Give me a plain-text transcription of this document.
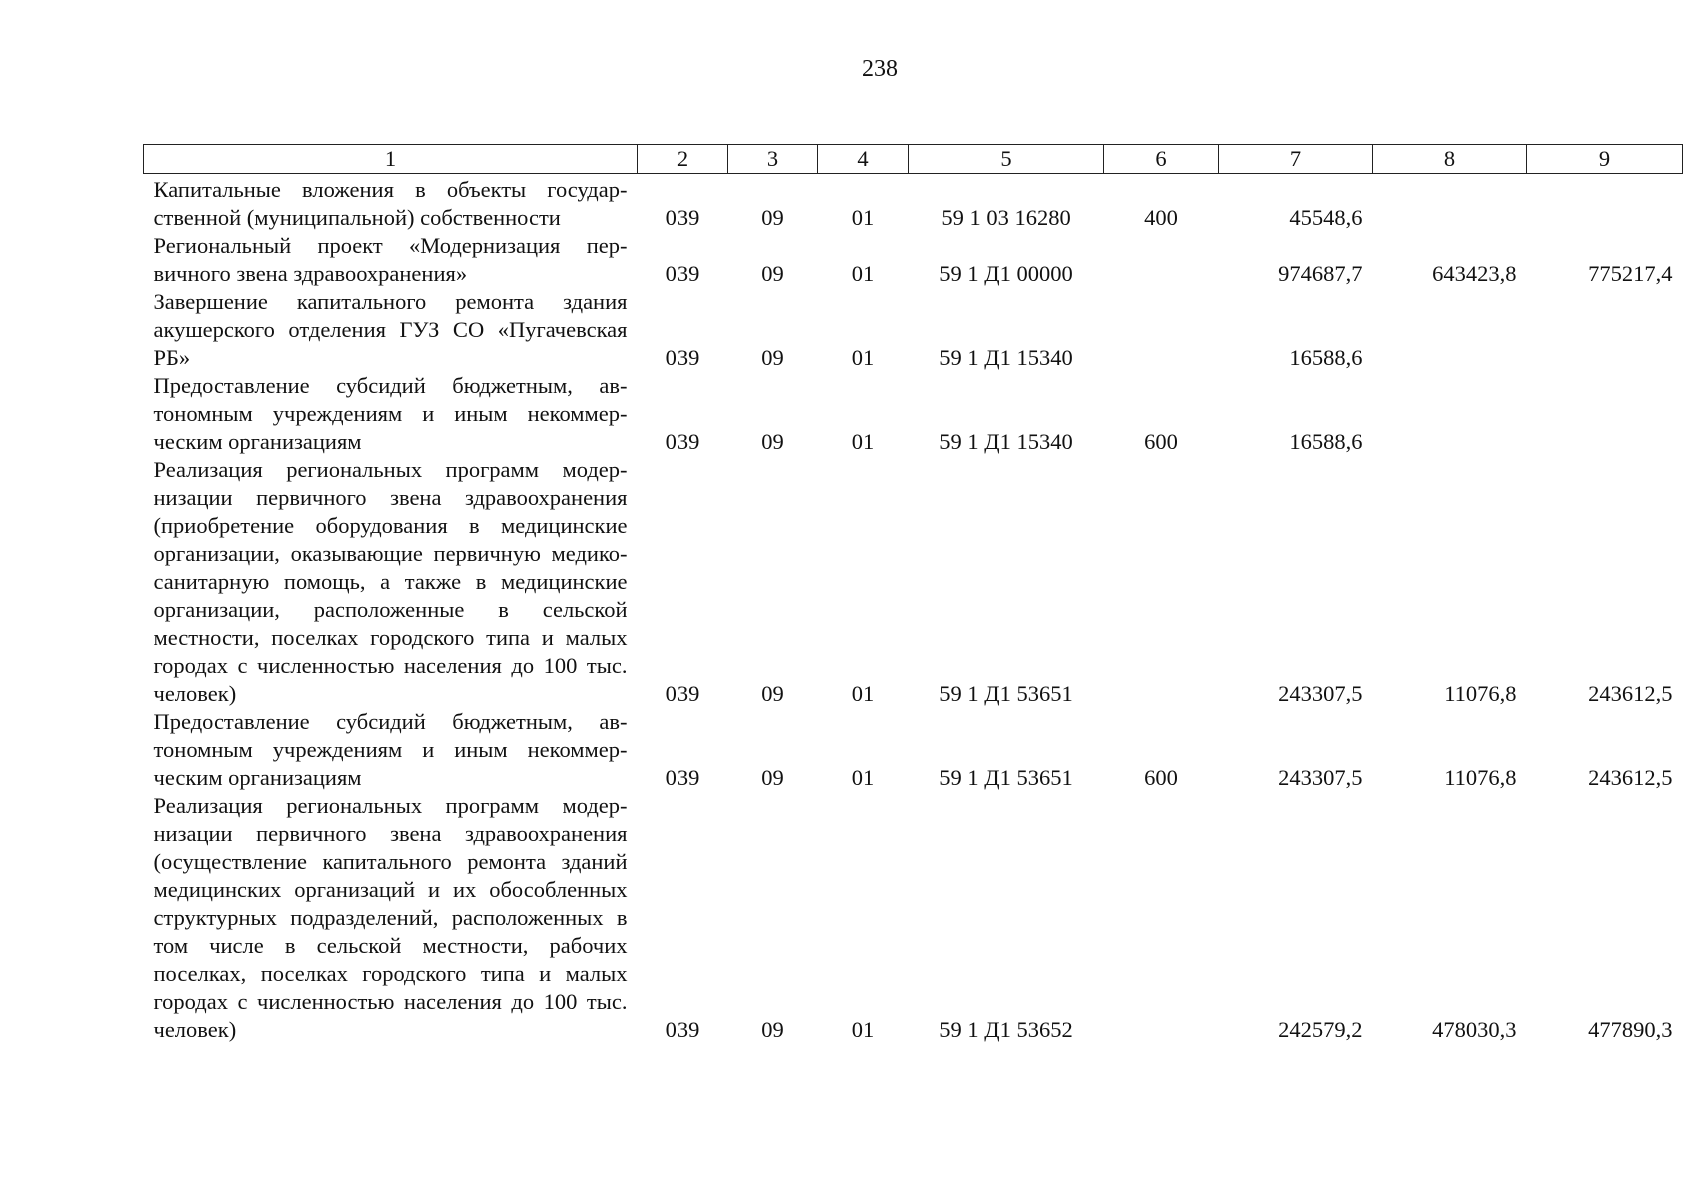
238
1	2	3	4	5	6	7	8	9
Капитальные вложения в объекты государственной (муниципальной) собственности	039	09	01	59 1 03 16280	400	45548,6		
Региональный проект «Модернизация первичного звена здравоохранения»	039	09	01	59 1 Д1 00000		974687,7	643423,8	775217,4
Завершение капитального ремонта здания акушерского отделения ГУЗ СО «Пугачевская РБ»	039	09	01	59 1 Д1 15340		16588,6		
Предоставление субсидий бюджетным, автономным учреждениям и иным некоммерческим организациям	039	09	01	59 1 Д1 15340	600	16588,6		
Реализация региональных программ модернизации первичного звена здравоохранения (приобретение оборудования в медицинские организации, оказывающие первичную медико-санитарную помощь, а также в медицинские организации, расположенные в сельской местности, поселках городского типа и малых городах с численностью населения до 100 тыс. человек)	039	09	01	59 1 Д1 53651		243307,5	11076,8	243612,5
Предоставление субсидий бюджетным, автономным учреждениям и иным некоммерческим организациям	039	09	01	59 1 Д1 53651	600	243307,5	11076,8	243612,5
Реализация региональных программ модернизации первичного звена здравоохранения (осуществление капитального ремонта зданий медицинских организаций и их обособленных структурных подразделений, расположенных в том числе в сельской местности, рабочих поселках, поселках городского типа и малых городах с численностью населения до 100 тыс. человек)	039	09	01	59 1 Д1 53652		242579,2	478030,3	477890,3
